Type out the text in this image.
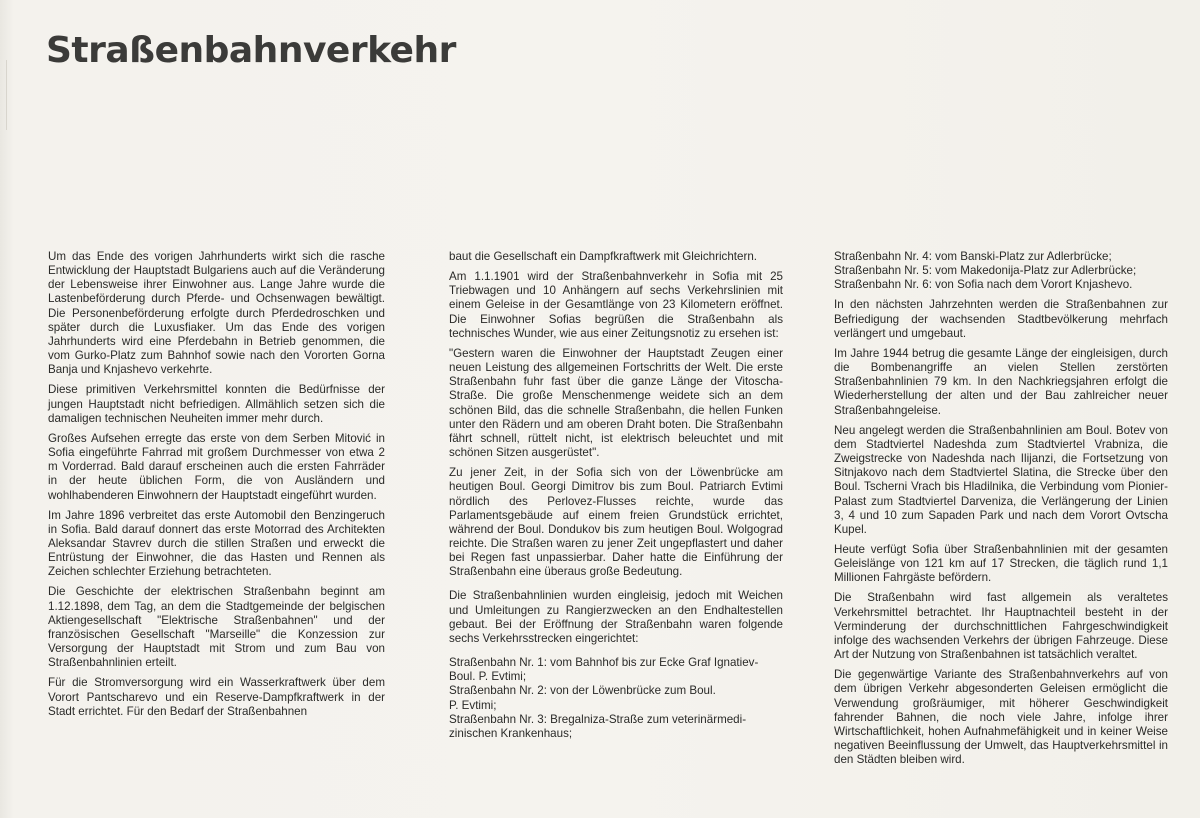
Straßenbahnverkehr

Um das Ende des vorigen Jahrhunderts wirkt sich die rasche Entwicklung der Hauptstadt Bulgariens auch auf die Veränderung der Lebensweise ihrer Einwohner aus. Lange Jahre wurde die Lastenbeförderung durch Pferde- und Ochsenwagen bewältigt. Die Personenbeförderung erfolgte durch Pferdedroschken und später durch die Luxusfiaker. Um das Ende des vorigen Jahrhunderts wird eine Pferdebahn in Betrieb genommen, die vom Gurko-Platz zum Bahnhof sowie nach den Vororten Gorna Banja und Knjashevo verkehrte.

Diese primitiven Verkehrsmittel konnten die Bedürfnisse der jungen Hauptstadt nicht befriedigen. Allmählich setzen sich die damaligen technischen Neuheiten immer mehr durch.

Großes Aufsehen erregte das erste von dem Serben Mitović in Sofia eingeführte Fahrrad mit großem Durchmesser von etwa 2 m Vorderrad. Bald darauf erscheinen auch die ersten Fahrräder in der heute üblichen Form, die von Ausländern und wohlhabenderen Einwohnern der Hauptstadt eingeführt wurden.

Im Jahre 1896 verbreitet das erste Automobil den Benzingeruch in Sofia. Bald darauf donnert das erste Motorrad des Architekten Aleksandar Stavrev durch die stillen Straßen und erweckt die Entrüstung der Einwohner, die das Hasten und Rennen als Zeichen schlechter Erziehung betrachteten.

Die Geschichte der elektrischen Straßenbahn beginnt am 1.12.1898, dem Tag, an dem die Stadtgemeinde der belgischen Aktiengesellschaft "Elektrische Straßenbahnen" und der französischen Gesellschaft "Marseille" die Konzession zur Versorgung der Hauptstadt mit Strom und zum Bau von Straßenbahnlinien erteilt.

Für die Stromversorgung wird ein Wasserkraftwerk über dem Vorort Pantscharevo und ein Reserve-Dampfkraftwerk in der Stadt errichtet. Für den Bedarf der Straßenbahnen

baut die Gesellschaft ein Dampfkraftwerk mit Gleichrichtern.

Am 1.1.1901 wird der Straßenbahnverkehr in Sofia mit 25 Triebwagen und 10 Anhängern auf sechs Verkehrslinien mit einem Geleise in der Gesamtlänge von 23 Kilometern eröffnet. Die Einwohner Sofias begrüßen die Straßenbahn als technisches Wunder, wie aus einer Zeitungsnotiz zu ersehen ist:

"Gestern waren die Einwohner der Hauptstadt Zeugen einer neuen Leistung des allgemeinen Fortschritts der Welt. Die erste Straßenbahn fuhr fast über die ganze Länge der Vitoscha-Straße. Die große Menschenmenge weidete sich an dem schönen Bild, das die schnelle Straßenbahn, die hellen Funken unter den Rädern und am oberen Draht boten. Die Straßenbahn fährt schnell, rüttelt nicht, ist elektrisch beleuchtet und mit schönen Sitzen ausgerüstet".

Zu jener Zeit, in der Sofia sich von der Löwenbrücke am heutigen Boul. Georgi Dimitrov bis zum Boul. Patriarch Evtimi nördlich des Perlovez-Flusses reichte, wurde das Parlamentsgebäude auf einem freien Grundstück errichtet, während der Boul. Dondukov bis zum heutigen Boul. Wolgograd reichte. Die Straßen waren zu jener Zeit ungepflastert und daher bei Regen fast unpassierbar. Daher hatte die Einführung der Straßenbahn eine überaus große Bedeutung.

Die Straßenbahnlinien wurden eingleisig, jedoch mit Weichen und Umleitungen zu Rangierzwecken an den Endhaltestellen gebaut. Bei der Eröffnung der Straßenbahn waren folgende sechs Verkehrsstrecken eingerichtet:

Straßenbahn Nr. 1: vom Bahnhof bis zur Ecke Graf Ignatiev-
Boul. P. Evtimi;
Straßenbahn Nr. 2: von der Löwenbrücke zum Boul.
P. Evtimi;
Straßenbahn Nr. 3: Bregalniza-Straße zum veterinärmedi-
zinischen Krankenhaus;

Straßenbahn Nr. 4: vom Banski-Platz zur Adlerbrücke;
Straßenbahn Nr. 5: vom Makedonija-Platz zur Adlerbrücke;
Straßenbahn Nr. 6: von Sofia nach dem Vorort Knjashevo.

In den nächsten Jahrzehnten werden die Straßenbahnen zur Befriedigung der wachsenden Stadtbevölkerung mehrfach verlängert und umgebaut.

Im Jahre 1944 betrug die gesamte Länge der eingleisigen, durch die Bombenangriffe an vielen Stellen zerstörten Straßenbahnlinien 79 km. In den Nachkriegsjahren erfolgt die Wiederherstellung der alten und der Bau zahlreicher neuer Straßenbahngeleise.

Neu angelegt werden die Straßenbahnlinien am Boul. Botev von dem Stadtviertel Nadeshda zum Stadtviertel Vrabniza, die Zweigstrecke von Nadeshda nach Ilijanzi, die Fortsetzung von Sitnjakovo nach dem Stadtviertel Slatina, die Strecke über den Boul. Tscherni Vrach bis Hladilnika, die Verbindung vom Pionier-Palast zum Stadtviertel Darveniza, die Verlängerung der Linien 3, 4 und 10 zum Sapaden Park und nach dem Vorort Ovtscha Kupel.

Heute verfügt Sofia über Straßenbahnlinien mit der gesamten Geleislänge von 121 km auf 17 Strecken, die täglich rund 1,1 Millionen Fahrgäste befördern.

Die Straßenbahn wird fast allgemein als veraltetes Verkehrsmittel betrachtet. Ihr Hauptnachteil besteht in der Verminderung der durchschnittlichen Fahrgeschwindigkeit infolge des wachsenden Verkehrs der übrigen Fahrzeuge. Diese Art der Nutzung von Straßenbahnen ist tatsächlich veraltet.

Die gegenwärtige Variante des Straßenbahnverkehrs auf von dem übrigen Verkehr abgesonderten Geleisen ermöglicht die Verwendung großräumiger, mit höherer Geschwindigkeit fahrender Bahnen, die noch viele Jahre, infolge ihrer Wirtschaftlichkeit, hohen Aufnahmefähigkeit und in keiner Weise negativen Beeinflussung der Umwelt, das Hauptverkehrsmittel in den Städten bleiben wird.
